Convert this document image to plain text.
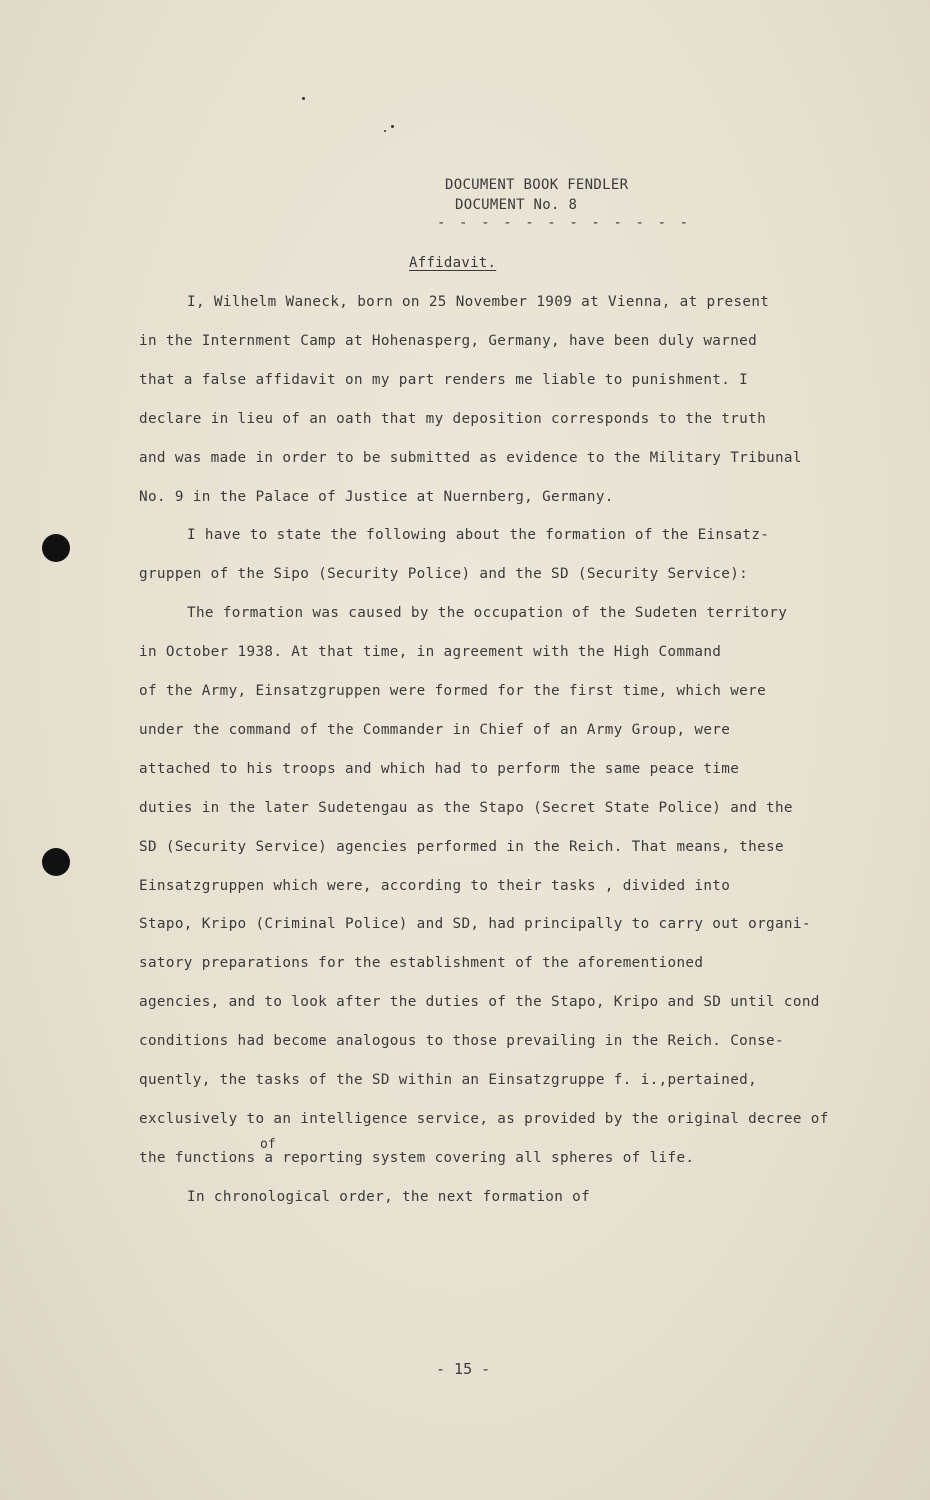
DOCUMENT BOOK FENDLER
DOCUMENT No. 8
- - - - - - - - - - - -
Affidavit.
I, Wilhelm Waneck, born on 25 November 1909 at Vienna, at present
in the Internment Camp at Hohenasperg, Germany, have been duly warned
that a false affidavit on my part renders me liable to punishment. I
declare in lieu of an oath that my deposition corresponds to the truth
and was made in order to be submitted as evidence to the Military Tribunal
No. 9 in the Palace of Justice at Nuernberg, Germany.
I have to state the following about the formation of the Einsatz-
gruppen of the Sipo (Security Police) and the SD (Security Service):
The formation was caused by the occupation of the Sudeten territory
in October 1938. At that time, in agreement with the High Command
of the Army, Einsatzgruppen were formed for the first time, which were
under the command of the Commander in Chief of an Army Group, were
attached to his troops and which had to perform the same peace time
duties in the later Sudetengau as the Stapo (Secret State Police) and the
SD (Security Service) agencies performed in the Reich. That means, these
Einsatzgruppen which were, according to their tasks , divided into
Stapo, Kripo (Criminal Police) and SD, had principally to carry out organi-
satory preparations for the establishment of the aforementioned
agencies, and to look after the duties of the Stapo, Kripo and SD until cond
conditions had become analogous to those prevailing in the Reich. Conse-
quently, the tasks of the SD within an Einsatzgruppe f. i.,pertained,
exclusively to an intelligence service, as provided by the original decree of
the functions a reporting system covering all spheres of life.
In chronological order, the next formation of
of
- 15 -
